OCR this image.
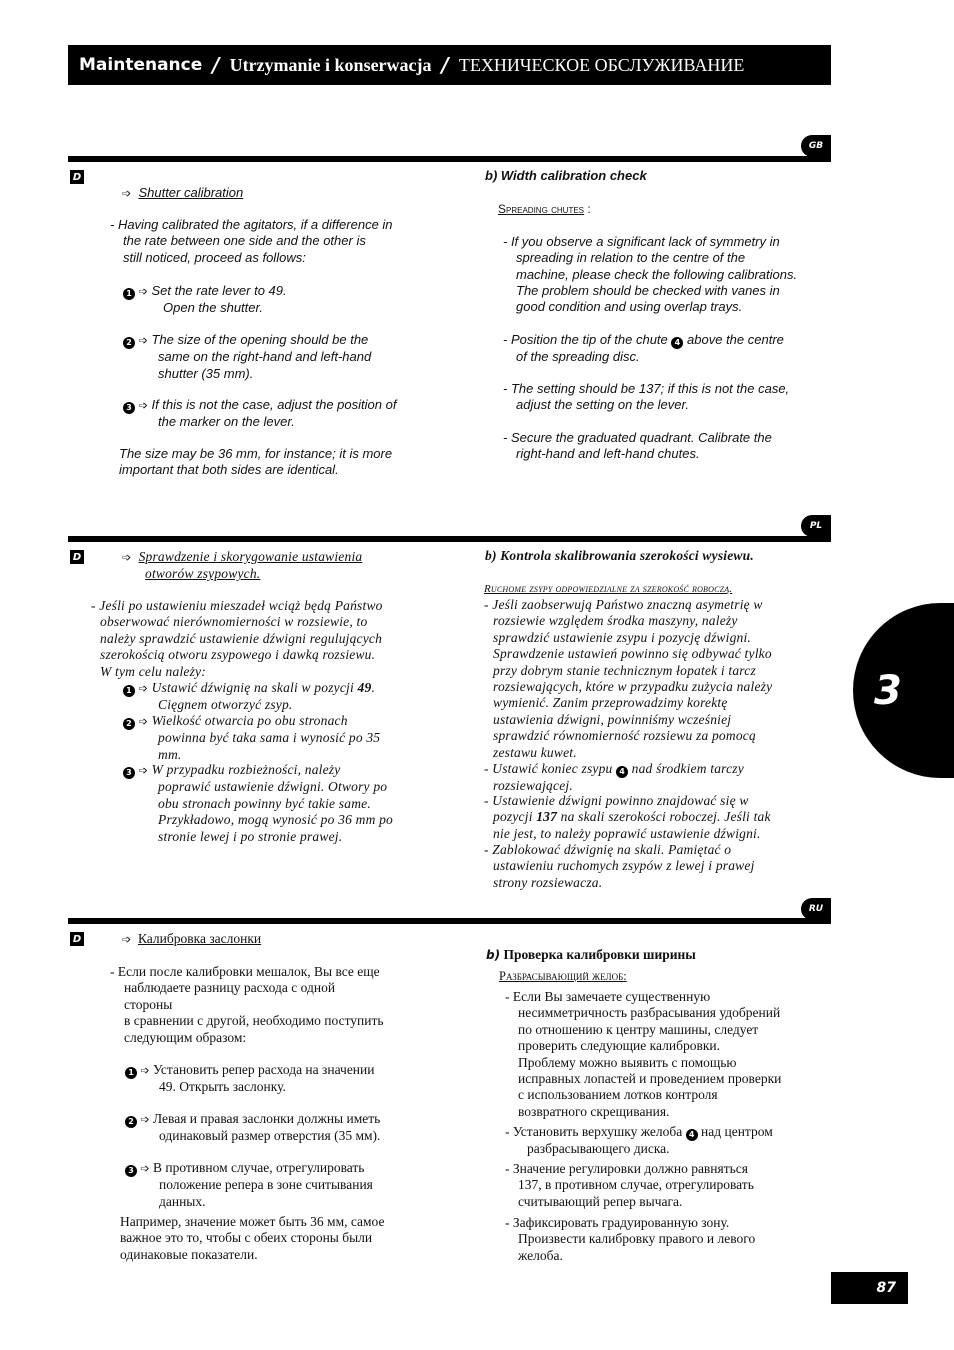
Maintenance / Utrzymanie i konserwacja / ТЕХНИЧЕСКОЕ ОБСЛУЖИВАНИЕ
GB
D
➩ Shutter calibration
- Having calibrated the agitators, if a difference in
the rate between one side and the other is
still noticed, proceed as follows:
1 ➩ Set the rate lever to 49.
Open the shutter.
2 ➩ The size of the opening should be the
same on the right-hand and left-hand
shutter (35 mm).
3 ➩ If this is not the case, adjust the position of
the marker on the lever.
The size may be 36 mm, for instance; it is more
important that both sides are identical.
b) Width calibration check
Spreading chutes :
- If you observe a significant lack of symmetry in
spreading in relation to the centre of the
machine, please check the following calibrations.
The problem should be checked with vanes in
good condition and using overlap trays.
- Position the tip of the chute 4 above the centre
of the spreading disc.
- The setting should be 137; if this is not the case,
adjust the setting on the lever.
- Secure the graduated quadrant. Calibrate the
right-hand and left-hand chutes.
PL
D	➩ Sprawdzenie i skorygowanie ustawienia
otworów zsypowych.
- Jeśli po ustawieniu mieszadeł wciąż będą Państwo
obserwować nierównomierności w rozsiewie, to
należy sprawdzić ustawienie dźwigni regulujących
szerokością otworu zsypowego i dawką rozsiewu.
W tym celu należy:
1 ➩ Ustawić dźwignię na skali w pozycji 49.
Cięgnem otworzyć zsyp.
2 ➩ Wielkość otwarcia po obu stronach
powinna być taka sama i wynosić po 35
mm.
3 ➩ W przypadku rozbieżności, należy
poprawić ustawienie dźwigni. Otwory po
obu stronach powinny być takie same.
Przykładowo, mogą wynosić po 36 mm po
stronie lewej i po stronie prawej.
b) Kontrola skalibrowania szerokości wysiewu.
Ruchome zsypy odpowiedzialne za szerokość roboczą.
- Jeśli zaobserwują Państwo znaczną asymetrię w
rozsiewie względem środka maszyny, należy
sprawdzić ustawienie zsypu i pozycję dźwigni.
Sprawdzenie ustawień powinno się odbywać tylko
przy dobrym stanie technicznym łopatek i tarcz
rozsiewających, które w przypadku zużycia należy
wymienić. Zanim przeprowadzimy korektę
ustawienia dźwigni, powinniśmy wcześniej
sprawdzić równomierność rozsiewu za pomocą
zestawu kuwet.
- Ustawić koniec zsypu 4 nad środkiem tarczy
rozsiewającej.
- Ustawienie dźwigni powinno znajdować się w
pozycji 137 na skali szerokości roboczej. Jeśli tak
nie jest, to należy poprawić ustawienie dźwigni.
- Zablokować dźwignię na skali. Pamiętać o
ustawieniu ruchomych zsypów z lewej i prawej
strony rozsiewacza.
RU
D	➩ Калибровка заслонки
- Если после калибровки мешалок, Вы все еще
наблюдаете разницу расхода с одной
стороны
в сравнении с другой, необходимо поступить
следующим образом:
1 ➩ Установить репер расхода на значении
49. Открыть заслонку.
2 ➩ Левая и правая заслонки должны иметь
одинаковый размер отверстия (35 мм).
3 ➩ В противном случае, отрегулировать
положение репера в зоне считывания
данных.
Например, значение может быть 36 мм, самое
важное это то, чтобы с обеих стороны были
одинаковые показатели.
b) Проверка калибровки ширины
Разбрасывающий желоб:
- Если Вы замечаете существенную
несимметричность разбрасывания удобрений
по отношению к центру машины, следует
проверить следующие калибровки.
Проблему можно выявить с помощью
исправных лопастей и проведением проверки
с использованием лотков контроля
возвратного скрещивания.
- Установить верхушку желоба 4 над центром
разбрасывающего диска.
- Значение регулировки должно равняться
137, в противном случае, отрегулировать
считывающий репер вычага.
- Зафиксировать градуированную зону.
Произвести калибровку правого и левого
желоба.
3
87
